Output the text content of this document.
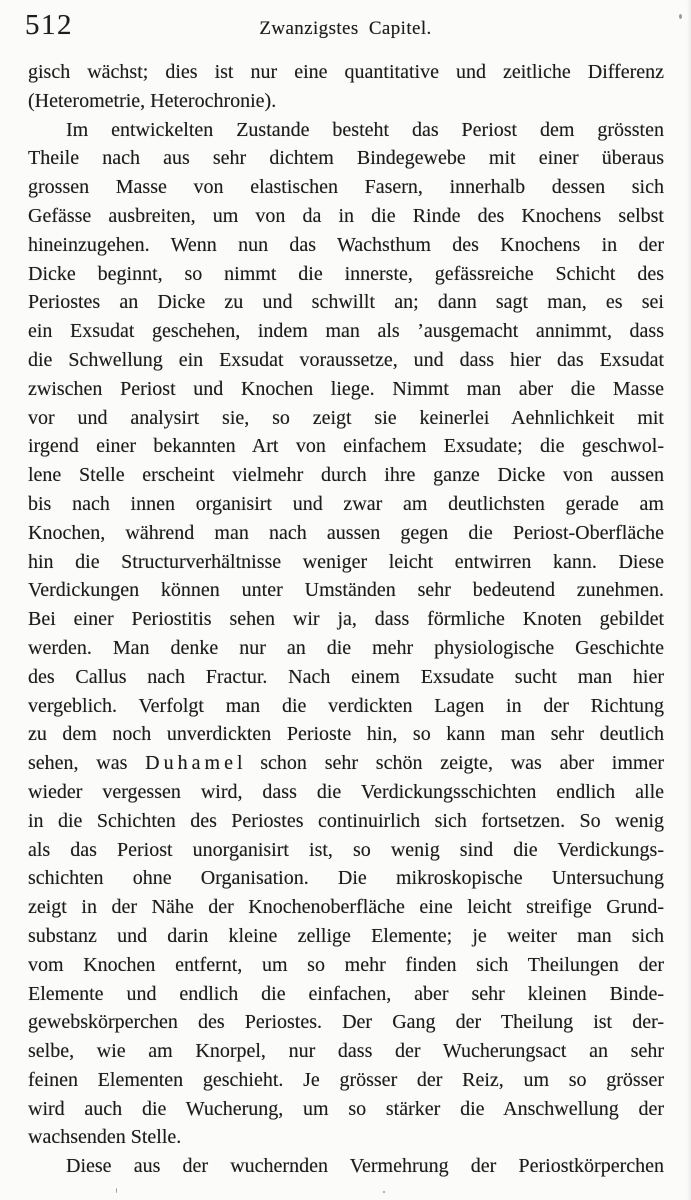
512	Zwanzigstes Capitel.
gisch wächst; dies ist nur eine quantitative und zeitliche Differenz
(Heterometrie, Heterochronie).
Im entwickelten Zustande besteht das Periost dem grössten
Theile nach aus sehr dichtem Bindegewebe mit einer überaus
grossen Masse von elastischen Fasern, innerhalb dessen sich
Gefässe ausbreiten, um von da in die Rinde des Knochens selbst
hineinzugehen. Wenn nun das Wachsthum des Knochens in der
Dicke beginnt, so nimmt die innerste, gefässreiche Schicht des
Periostes an Dicke zu und schwillt an; dann sagt man, es sei
ein Exsudat geschehen, indem man als ’ausgemacht annimmt, dass
die Schwellung ein Exsudat voraussetze, und dass hier das Exsudat
zwischen Periost und Knochen liege. Nimmt man aber die Masse
vor und analysirt sie, so zeigt sie keinerlei Aehnlichkeit mit
irgend einer bekannten Art von einfachem Exsudate; die geschwol-
lene Stelle erscheint vielmehr durch ihre ganze Dicke von aussen
bis nach innen organisirt und zwar am deutlichsten gerade am
Knochen, während man nach aussen gegen die Periost-Oberfläche
hin die Structurverhältnisse weniger leicht entwirren kann. Diese
Verdickungen können unter Umständen sehr bedeutend zunehmen.
Bei einer Periostitis sehen wir ja, dass förmliche Knoten gebildet
werden. Man denke nur an die mehr physiologische Geschichte
des Callus nach Fractur. Nach einem Exsudate sucht man hier
vergeblich. Verfolgt man die verdickten Lagen in der Richtung
zu dem noch unverdickten Perioste hin, so kann man sehr deutlich
sehen, was D u h a m e l schon sehr schön zeigte, was aber immer
wieder vergessen wird, dass die Verdickungsschichten endlich alle
in die Schichten des Periostes continuirlich sich fortsetzen. So wenig
als das Periost unorganisirt ist, so wenig sind die Verdickungs-
schichten ohne Organisation. Die mikroskopische Untersuchung
zeigt in der Nähe der Knochenoberfläche eine leicht streifige Grund-
substanz und darin kleine zellige Elemente; je weiter man sich
vom Knochen entfernt, um so mehr finden sich Theilungen der
Elemente und endlich die einfachen, aber sehr kleinen Binde-
gewebskörperchen des Periostes. Der Gang der Theilung ist der-
selbe, wie am Knorpel, nur dass der Wucherungsact an sehr
feinen Elementen geschieht. Je grösser der Reiz, um so grösser
wird auch die Wucherung, um so stärker die Anschwellung der
wachsenden Stelle.
Diese aus der wuchernden Vermehrung der Periostkörperchen
